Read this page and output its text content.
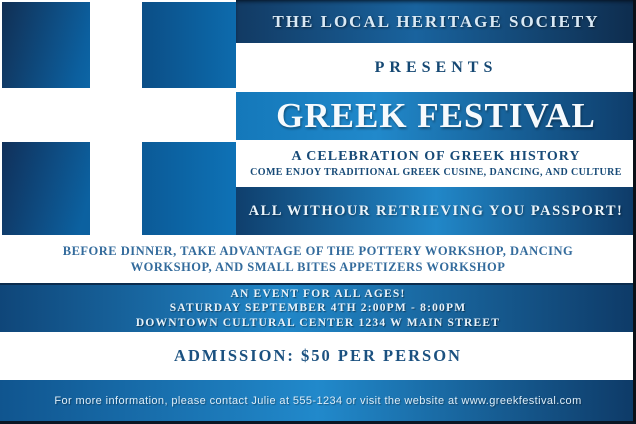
THE LOCAL HERITAGE SOCIETY
PRESENTS
GREEK FESTIVAL
A CELEBRATION OF GREEK HISTORY
COME ENJOY TRADITIONAL GREEK CUSINE, DANCING, AND CULTURE
ALL WITHOUR RETRIEVING YOU PASSPORT!
BEFORE DINNER, TAKE ADVANTAGE OF THE POTTERY WORKSHOP, DANCING
WORKSHOP, AND SMALL BITES APPETIZERS WORKSHOP
AN EVENT FOR ALL AGES!
SATURDAY SEPTEMBER 4TH 2:00PM - 8:00PM
DOWNTOWN CULTURAL CENTER 1234 W MAIN STREET
ADMISSION: $50 PER PERSON
For more information, please contact Julie at 555-1234 or visit the website at www.greekfestival.com
